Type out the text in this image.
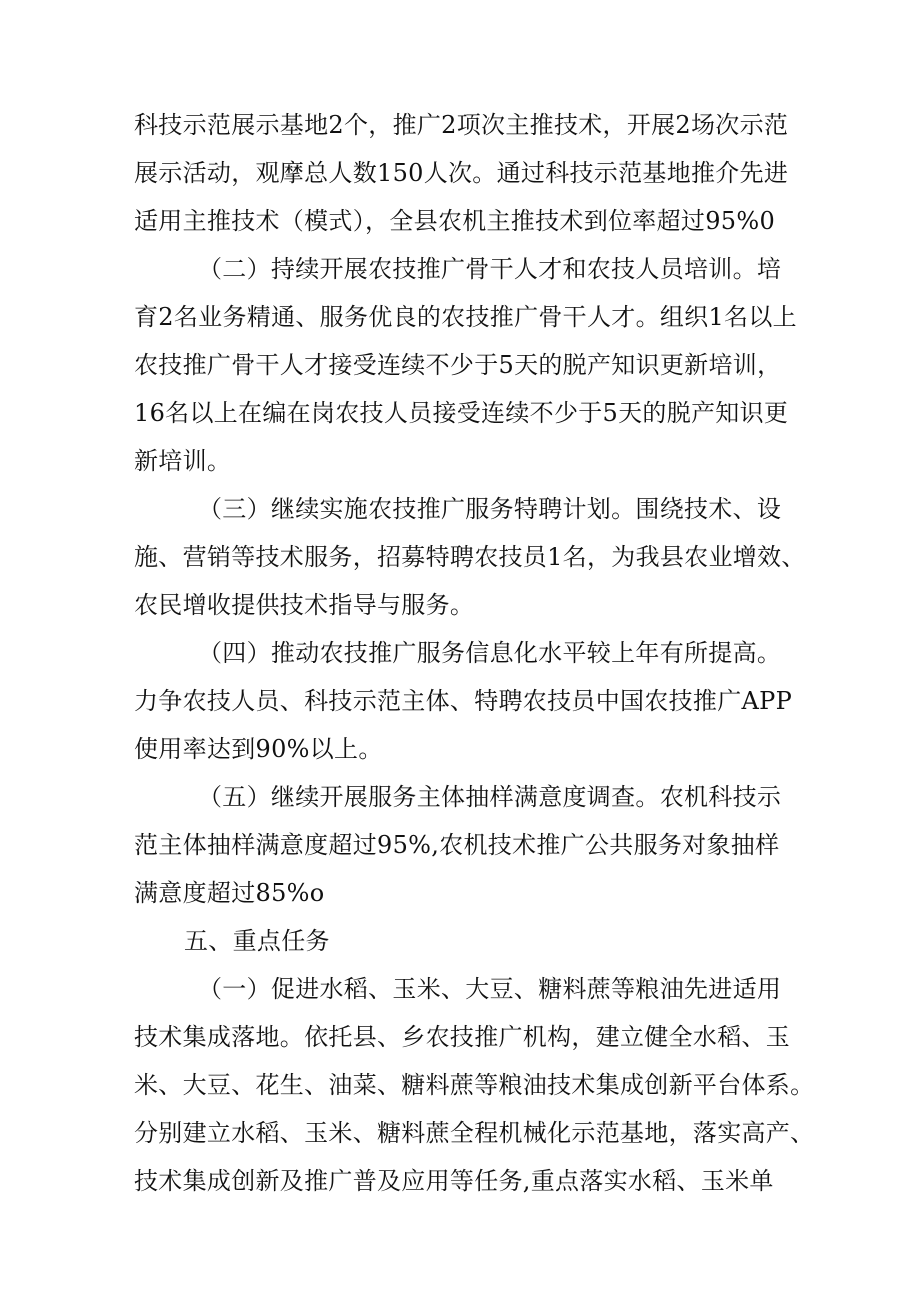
科技示范展示基地2个，推广2项次主推技术，开展2场次示范
展示活动，观摩总人数150人次。通过科技示范基地推介先进
适用主推技术（模式），全县农机主推技术到位率超过95%0
（二）持续开展农技推广骨干人才和农技人员培训。培
育2名业务精通、服务优良的农技推广骨干人才。组织1名以上
农技推广骨干人才接受连续不少于5天的脱产知识更新培训，
16名以上在编在岗农技人员接受连续不少于5天的脱产知识更
新培训。
（三）继续实施农技推广服务特聘计划。围绕技术、设
施、营销等技术服务，招募特聘农技员1名，为我县农业增效、
农民增收提供技术指导与服务。
（四）推动农技推广服务信息化水平较上年有所提高。
力争农技人员、科技示范主体、特聘农技员中国农技推广APP
使用率达到90%以上。
（五）继续开展服务主体抽样满意度调查。农机科技示
范主体抽样满意度超过95%,农机技术推广公共服务对象抽样
满意度超过85%o
五、重点任务
（一）促进水稻、玉米、大豆、糖料蔗等粮油先进适用
技术集成落地。依托县、乡农技推广机构，建立健全水稻、玉
米、大豆、花生、油菜、糖料蔗等粮油技术集成创新平台体系。
分别建立水稻、玉米、糖料蔗全程机械化示范基地，落实高产、
技术集成创新及推广普及应用等任务,重点落实水稻、玉米单
